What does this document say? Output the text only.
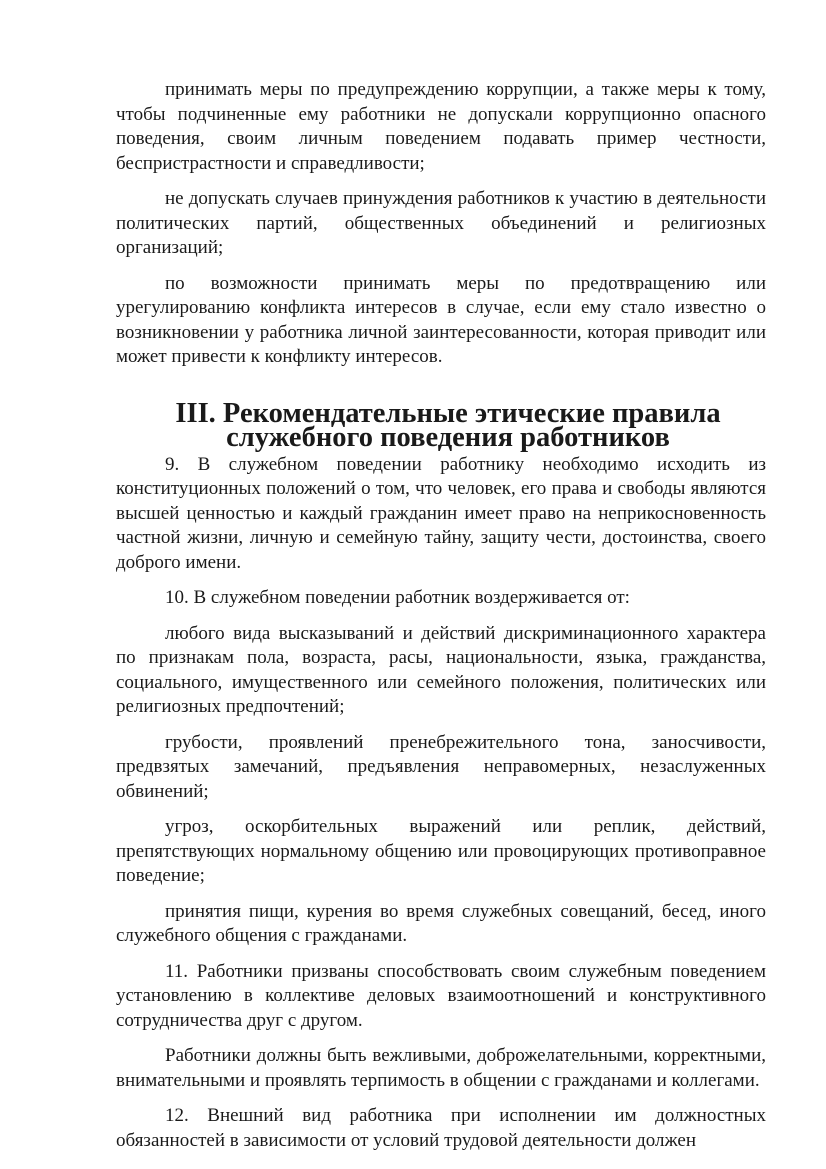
принимать меры по предупреждению коррупции, а также меры к тому, чтобы подчиненные ему работники не допускали коррупционно опасного поведения, своим личным поведением подавать пример честности, беспристрастности и справедливости;

не допускать случаев принуждения работников к участию в деятельности политических партий, общественных объединений и религиозных организаций;

по возможности принимать меры по предотвращению или урегулированию конфликта интересов в случае, если ему стало известно о возникновении у работника личной заинтересованности, которая приводит или может привести к конфликту интересов.

III. Рекомендательные этические правила служебного поведения работников

9. В служебном поведении работнику необходимо исходить из конституционных положений о том, что человек, его права и свободы являются высшей ценностью и каждый гражданин имеет право на неприкосновенность частной жизни, личную и семейную тайну, защиту чести, достоинства, своего доброго имени.

10. В служебном поведении работник воздерживается от:

любого вида высказываний и действий дискриминационного характера по признакам пола, возраста, расы, национальности, языка, гражданства, социального, имущественного или семейного положения, политических или религиозных предпочтений;

грубости, проявлений пренебрежительного тона, заносчивости, предвзятых замечаний, предъявления неправомерных, незаслуженных обвинений;

угроз, оскорбительных выражений или реплик, действий, препятствующих нормальному общению или провоцирующих противоправное поведение;

принятия пищи, курения во время служебных совещаний, бесед, иного служебного общения с гражданами.

11. Работники призваны способствовать своим служебным поведением установлению в коллективе деловых взаимоотношений и конструктивного сотрудничества друг с другом.

Работники должны быть вежливыми, доброжелательными, корректными, внимательными и проявлять терпимость в общении с гражданами и коллегами.

12. Внешний вид работника при исполнении им должностных обязанностей в зависимости от условий трудовой деятельности должен
